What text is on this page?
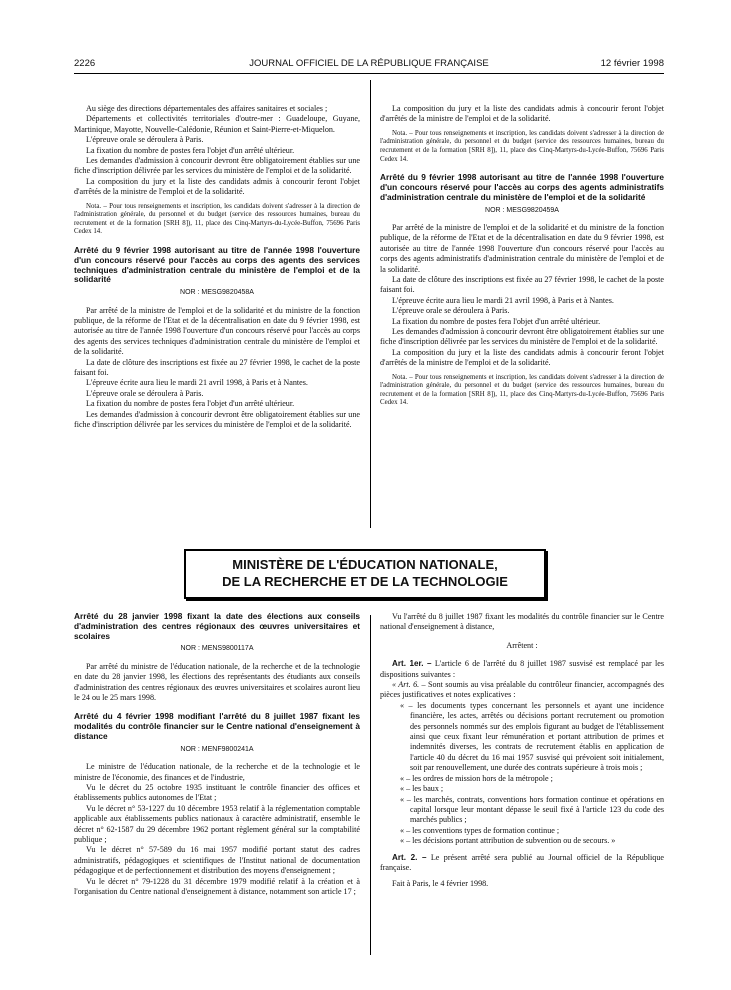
2226	JOURNAL OFFICIEL DE LA RÉPUBLIQUE FRANÇAISE	12 février 1998

Au siège des directions départementales des affaires sanitaires et sociales ;

Départements et collectivités territoriales d'outre-mer : Guadeloupe, Guyane, Martinique, Mayotte, Nouvelle-Calédonie, Réunion et Saint-Pierre-et-Miquelon.

L'épreuve orale se déroulera à Paris.

La fixation du nombre de postes fera l'objet d'un arrêté ultérieur.

Les demandes d'admission à concourir devront être obligatoirement établies sur une fiche d'inscription délivrée par les services du ministère de l'emploi et de la solidarité.

La composition du jury et la liste des candidats admis à concourir feront l'objet d'arrêtés de la ministre de l'emploi et de la solidarité.

Nota. – Pour tous renseignements et inscription, les candidats doivent s'adresser à la direction de l'administration générale, du personnel et du budget (service des ressources humaines, bureau du recrutement et de la formation [SRH 8]), 11, place des Cinq-Martyrs-du-Lycée-Buffon, 75696 Paris Cedex 14.

Arrêté du 9 février 1998 autorisant au titre de l'année 1998 l'ouverture d'un concours réservé pour l'accès au corps des agents des services techniques d'administration centrale du ministère de l'emploi et de la solidarité

NOR : MESG9820458A

Par arrêté de la ministre de l'emploi et de la solidarité et du ministre de la fonction publique, de la réforme de l'Etat et de la décentralisation en date du 9 février 1998, est autorisée au titre de l'année 1998 l'ouverture d'un concours réservé pour l'accès au corps des agents des services techniques d'administration centrale du ministère de l'emploi et de la solidarité.

La date de clôture des inscriptions est fixée au 27 février 1998, le cachet de la poste faisant foi.

L'épreuve écrite aura lieu le mardi 21 avril 1998, à Paris et à Nantes.

L'épreuve orale se déroulera à Paris.

La fixation du nombre de postes fera l'objet d'un arrêté ultérieur.

Les demandes d'admission à concourir devront être obligatoirement établies sur une fiche d'inscription délivrée par les services du ministère de l'emploi et de la solidarité.

La composition du jury et la liste des candidats admis à concourir feront l'objet d'arrêtés de la ministre de l'emploi et de la solidarité.

Nota. – Pour tous renseignements et inscription, les candidats doivent s'adresser à la direction de l'administration générale, du personnel et du budget (service des ressources humaines, bureau du recrutement et de la formation [SRH 8]), 11, place des Cinq-Martyrs-du-Lycée-Buffon, 75696 Paris Cedex 14.

Arrêté du 9 février 1998 autorisant au titre de l'année 1998 l'ouverture d'un concours réservé pour l'accès au corps des agents administratifs d'administration centrale du ministère de l'emploi et de la solidarité

NOR : MESG9820459A

Par arrêté de la ministre de l'emploi et de la solidarité et du ministre de la fonction publique, de la réforme de l'Etat et de la décentralisation en date du 9 février 1998, est autorisée au titre de l'année 1998 l'ouverture d'un concours réservé pour l'accès au corps des agents administratifs d'administration centrale du ministère de l'emploi et de la solidarité.

La date de clôture des inscriptions est fixée au 27 février 1998, le cachet de la poste faisant foi.

L'épreuve écrite aura lieu le mardi 21 avril 1998, à Paris et à Nantes.

L'épreuve orale se déroulera à Paris.

La fixation du nombre de postes fera l'objet d'un arrêté ultérieur.

Les demandes d'admission à concourir devront être obligatoirement établies sur une fiche d'inscription délivrée par les services du ministère de l'emploi et de la solidarité.

La composition du jury et la liste des candidats admis à concourir feront l'objet d'arrêtés de la ministre de l'emploi et de la solidarité.

Nota. – Pour tous renseignements et inscription, les candidats doivent s'adresser à la direction de l'administration générale, du personnel et du budget (service des ressources humaines, bureau du recrutement et de la formation [SRH 8]), 11, place des Cinq-Martyrs-du-Lycée-Buffon, 75696 Paris Cedex 14.

MINISTÈRE DE L'ÉDUCATION NATIONALE,
DE LA RECHERCHE ET DE LA TECHNOLOGIE

Arrêté du 28 janvier 1998 fixant la date des élections aux conseils d'administration des centres régionaux des œuvres universitaires et scolaires

NOR : MENS9800117A

Par arrêté du ministre de l'éducation nationale, de la recherche et de la technologie en date du 28 janvier 1998, les élections des représentants des étudiants aux conseils d'administration des centres régionaux des œuvres universitaires et scolaires auront lieu le 24 ou le 25 mars 1998.

Arrêté du 4 février 1998 modifiant l'arrêté du 8 juillet 1987 fixant les modalités du contrôle financier sur le Centre national d'enseignement à distance

NOR : MENF9800241A

Le ministre de l'éducation nationale, de la recherche et de la technologie et le ministre de l'économie, des finances et de l'industrie,

Vu le décret du 25 octobre 1935 instituant le contrôle financier des offices et établissements publics autonomes de l'Etat ;

Vu le décret n° 53-1227 du 10 décembre 1953 relatif à la réglementation comptable applicable aux établissements publics nationaux à caractère administratif, ensemble le décret n° 62-1587 du 29 décembre 1962 portant règlement général sur la comptabilité publique ;

Vu le décret n° 57-589 du 16 mai 1957 modifié portant statut des cadres administratifs, pédagogiques et scientifiques de l'Institut national de documentation pédagogique et de perfectionnement et distribution des moyens d'enseignement ;

Vu le décret n° 79-1228 du 31 décembre 1979 modifié relatif à la création et à l'organisation du Centre national d'enseignement à distance, notamment son article 17 ;

Vu l'arrêté du 8 juillet 1987 fixant les modalités du contrôle financier sur le Centre national d'enseignement à distance,

Arrêtent :

Art. 1er. – L'article 6 de l'arrêté du 8 juillet 1987 susvisé est remplacé par les dispositions suivantes :

« Art. 6. – Sont soumis au visa préalable du contrôleur financier, accompagnés des pièces justificatives et notes explicatives :

« – les documents types concernant les personnels et ayant une incidence financière, les actes, arrêtés ou décisions portant recrutement ou promotion des personnels nommés sur des emplois figurant au budget de l'établissement ainsi que ceux fixant leur rémunération et portant attribution de primes et indemnités diverses, les contrats de recrutement établis en application de l'article 40 du décret du 16 mai 1957 susvisé qui prévoient soit initialement, soit par renouvellement, une durée des contrats supérieure à trois mois ;
« – les ordres de mission hors de la métropole ;
« – les baux ;
« – les marchés, contrats, conventions hors formation continue et opérations en capital lorsque leur montant dépasse le seuil fixé à l'article 123 du code des marchés publics ;
« – les conventions types de formation continue ;
« – les décisions portant attribution de subvention ou de secours. »

Art. 2. – Le présent arrêté sera publié au Journal officiel de la République française.

Fait à Paris, le 4 février 1998.
